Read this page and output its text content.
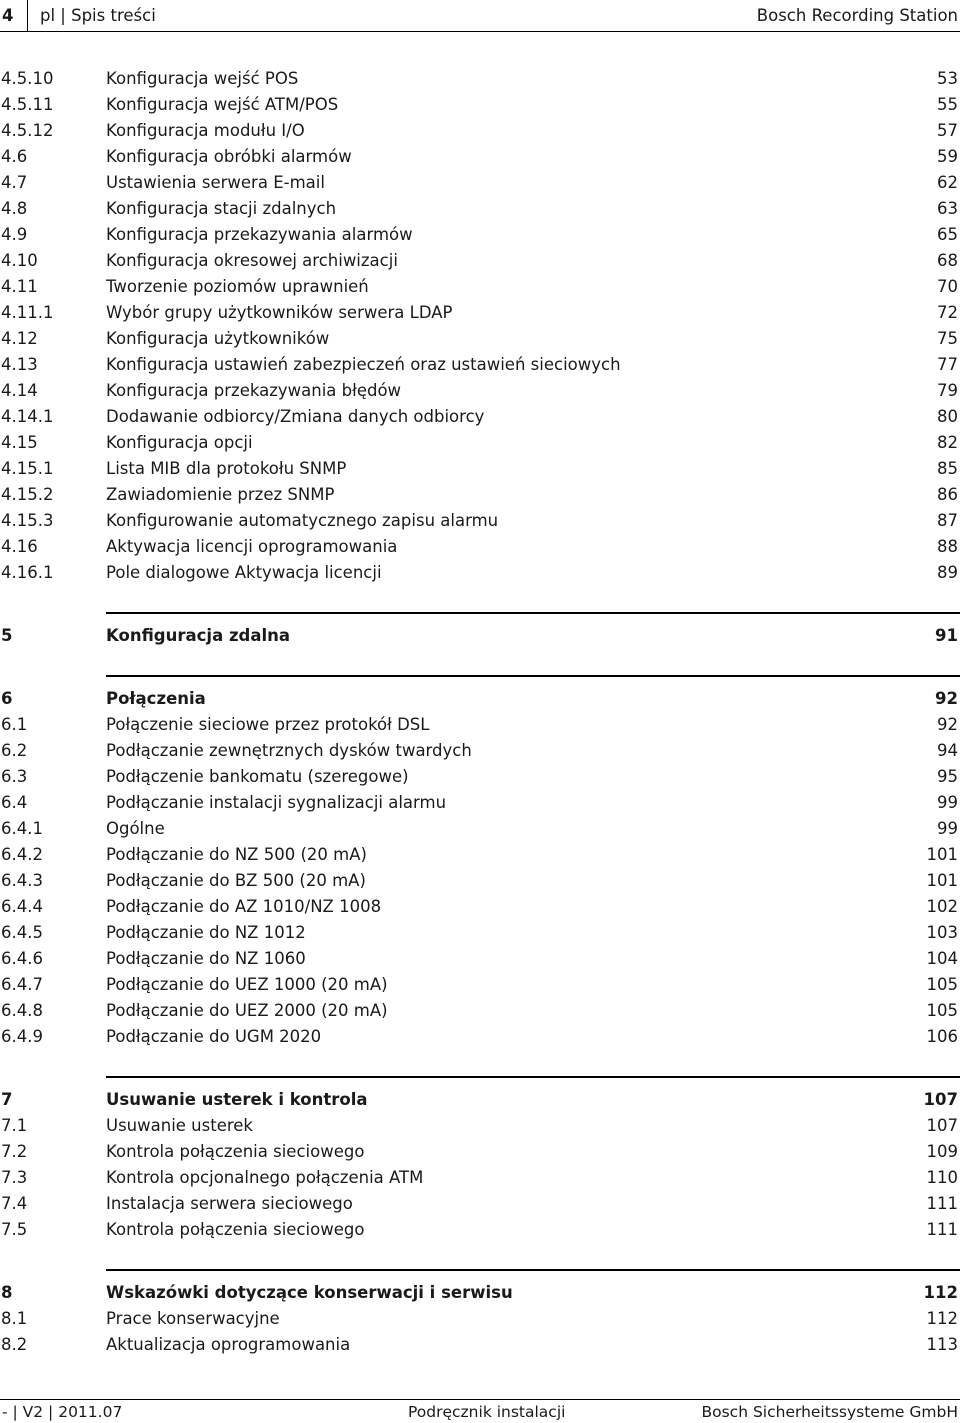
4	pl | Spis treści	Bosch Recording Station
4.5.10	Konfiguracja wejść POS	53
4.5.11	Konfiguracja wejść ATM/POS	55
4.5.12	Konfiguracja modułu I/O	57
4.6	Konfiguracja obróbki alarmów	59
4.7	Ustawienia serwera E-mail	62
4.8	Konfiguracja stacji zdalnych	63
4.9	Konfiguracja przekazywania alarmów	65
4.10	Konfiguracja okresowej archiwizacji	68
4.11	Tworzenie poziomów uprawnień	70
4.11.1	Wybór grupy użytkowników serwera LDAP	72
4.12	Konfiguracja użytkowników	75
4.13	Konfiguracja ustawień zabezpieczeń oraz ustawień sieciowych	77
4.14	Konfiguracja przekazywania błędów	79
4.14.1	Dodawanie odbiorcy/Zmiana danych odbiorcy	80
4.15	Konfiguracja opcji	82
4.15.1	Lista MIB dla protokołu SNMP	85
4.15.2	Zawiadomienie przez SNMP	86
4.15.3	Konfigurowanie automatycznego zapisu alarmu	87
4.16	Aktywacja licencji oprogramowania	88
4.16.1	Pole dialogowe Aktywacja licencji	89
5	Konfiguracja zdalna	91
6	Połączenia	92
6.1	Połączenie sieciowe przez protokół DSL	92
6.2	Podłączanie zewnętrznych dysków twardych	94
6.3	Podłączenie bankomatu (szeregowe)	95
6.4	Podłączanie instalacji sygnalizacji alarmu	99
6.4.1	Ogólne	99
6.4.2	Podłączanie do NZ 500 (20 mA)	101
6.4.3	Podłączanie do BZ 500 (20 mA)	101
6.4.4	Podłączanie do AZ 1010/NZ 1008	102
6.4.5	Podłączanie do NZ 1012	103
6.4.6	Podłączanie do NZ 1060	104
6.4.7	Podłączanie do UEZ 1000 (20 mA)	105
6.4.8	Podłączanie do UEZ 2000 (20 mA)	105
6.4.9	Podłączanie do UGM 2020	106
7	Usuwanie usterek i kontrola	107
7.1	Usuwanie usterek	107
7.2	Kontrola połączenia sieciowego	109
7.3	Kontrola opcjonalnego połączenia ATM	110
7.4	Instalacja serwera sieciowego	111
7.5	Kontrola połączenia sieciowego	111
8	Wskazówki dotyczące konserwacji i serwisu	112
8.1	Prace konserwacyjne	112
8.2	Aktualizacja oprogramowania	113
- | V2 | 2011.07	Podręcznik instalacji	Bosch Sicherheitssysteme GmbH
